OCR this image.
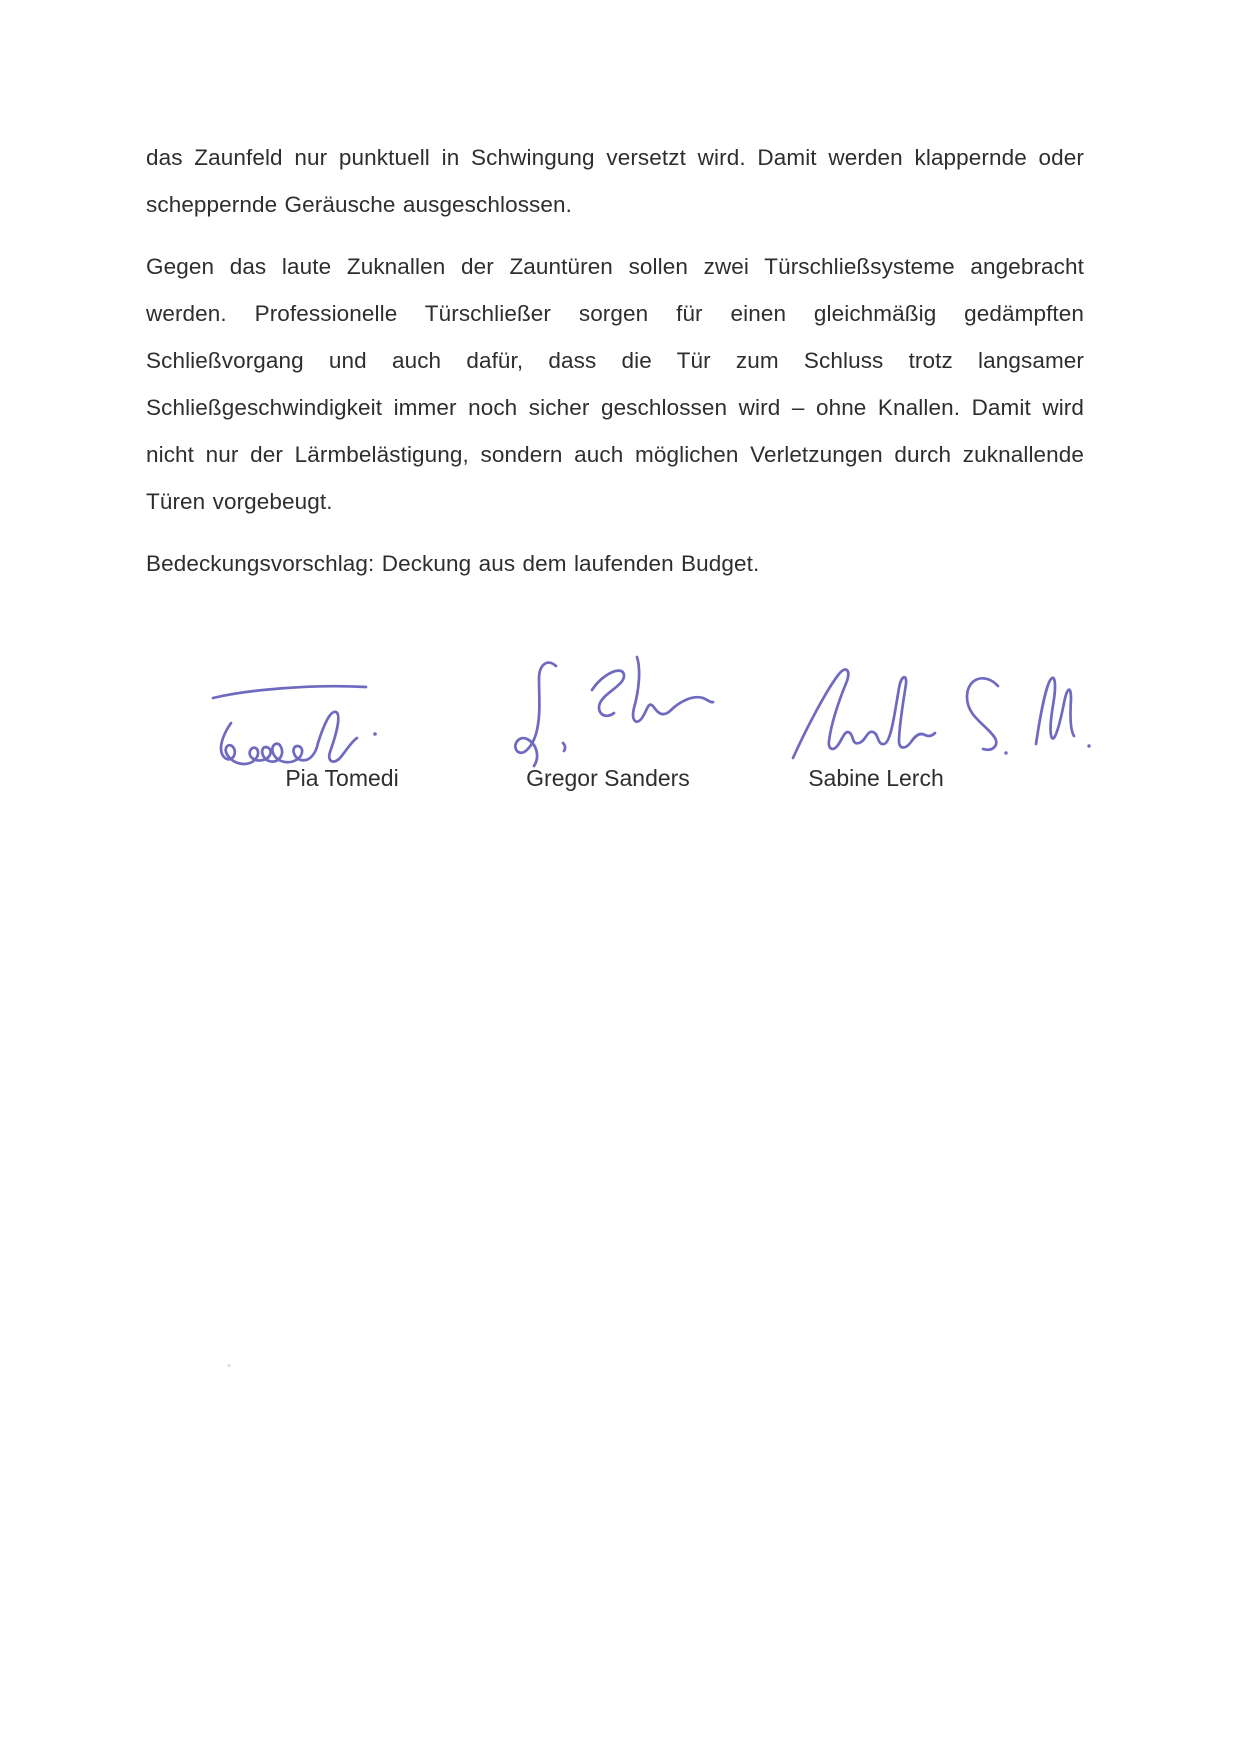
das Zaunfeld nur punktuell in Schwingung versetzt wird. Damit werden klappernde oder scheppernde Geräusche ausgeschlossen.

Gegen das laute Zuknallen der Zauntüren sollen zwei Türschließsysteme angebracht werden. Professionelle Türschließer sorgen für einen gleichmäßig gedämpften Schließvorgang und auch dafür, dass die Tür zum Schluss trotz langsamer Schließgeschwindigkeit immer noch sicher geschlossen wird – ohne Knallen. Damit wird nicht nur der Lärmbelästigung, sondern auch möglichen Verletzungen durch zuknallende Türen vorgebeugt.

Bedeckungsvorschlag: Deckung aus dem laufenden Budget.

Pia Tomedi	Gregor Sanders	Sabine Lerch
